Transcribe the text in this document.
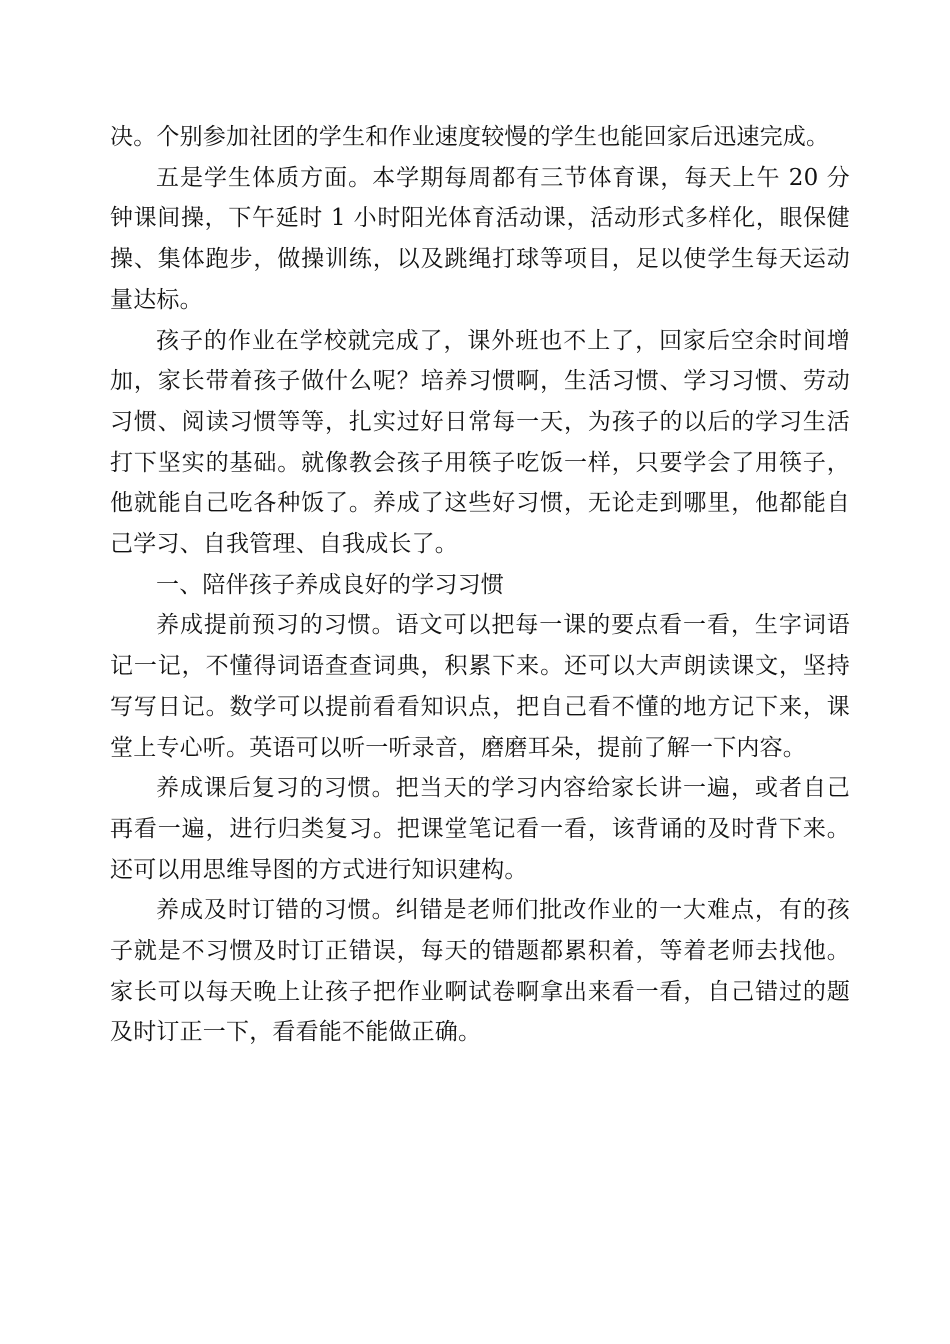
决。个别参加社团的学生和作业速度较慢的学生也能回家后迅速完成。

五是学生体质方面。本学期每周都有三节体育课，每天上午 20 分钟课间操，下午延时 1 小时阳光体育活动课，活动形式多样化，眼保健操、集体跑步，做操训练，以及跳绳打球等项目，足以使学生每天运动量达标。

孩子的作业在学校就完成了，课外班也不上了，回家后空余时间增加，家长带着孩子做什么呢？培养习惯啊，生活习惯、学习习惯、劳动习惯、阅读习惯等等，扎实过好日常每一天，为孩子的以后的学习生活打下坚实的基础。就像教会孩子用筷子吃饭一样，只要学会了用筷子，他就能自己吃各种饭了。养成了这些好习惯，无论走到哪里，他都能自己学习、自我管理、自我成长了。

一、陪伴孩子养成良好的学习习惯

养成提前预习的习惯。语文可以把每一课的要点看一看，生字词语记一记，不懂得词语查查词典，积累下来。还可以大声朗读课文，坚持写写日记。数学可以提前看看知识点，把自己看不懂的地方记下来，课堂上专心听。英语可以听一听录音，磨磨耳朵，提前了解一下内容。

养成课后复习的习惯。把当天的学习内容给家长讲一遍，或者自己再看一遍，进行归类复习。把课堂笔记看一看，该背诵的及时背下来。还可以用思维导图的方式进行知识建构。

养成及时订错的习惯。纠错是老师们批改作业的一大难点，有的孩子就是不习惯及时订正错误，每天的错题都累积着，等着老师去找他。家长可以每天晚上让孩子把作业啊试卷啊拿出来看一看，自己错过的题及时订正一下，看看能不能做正确。
